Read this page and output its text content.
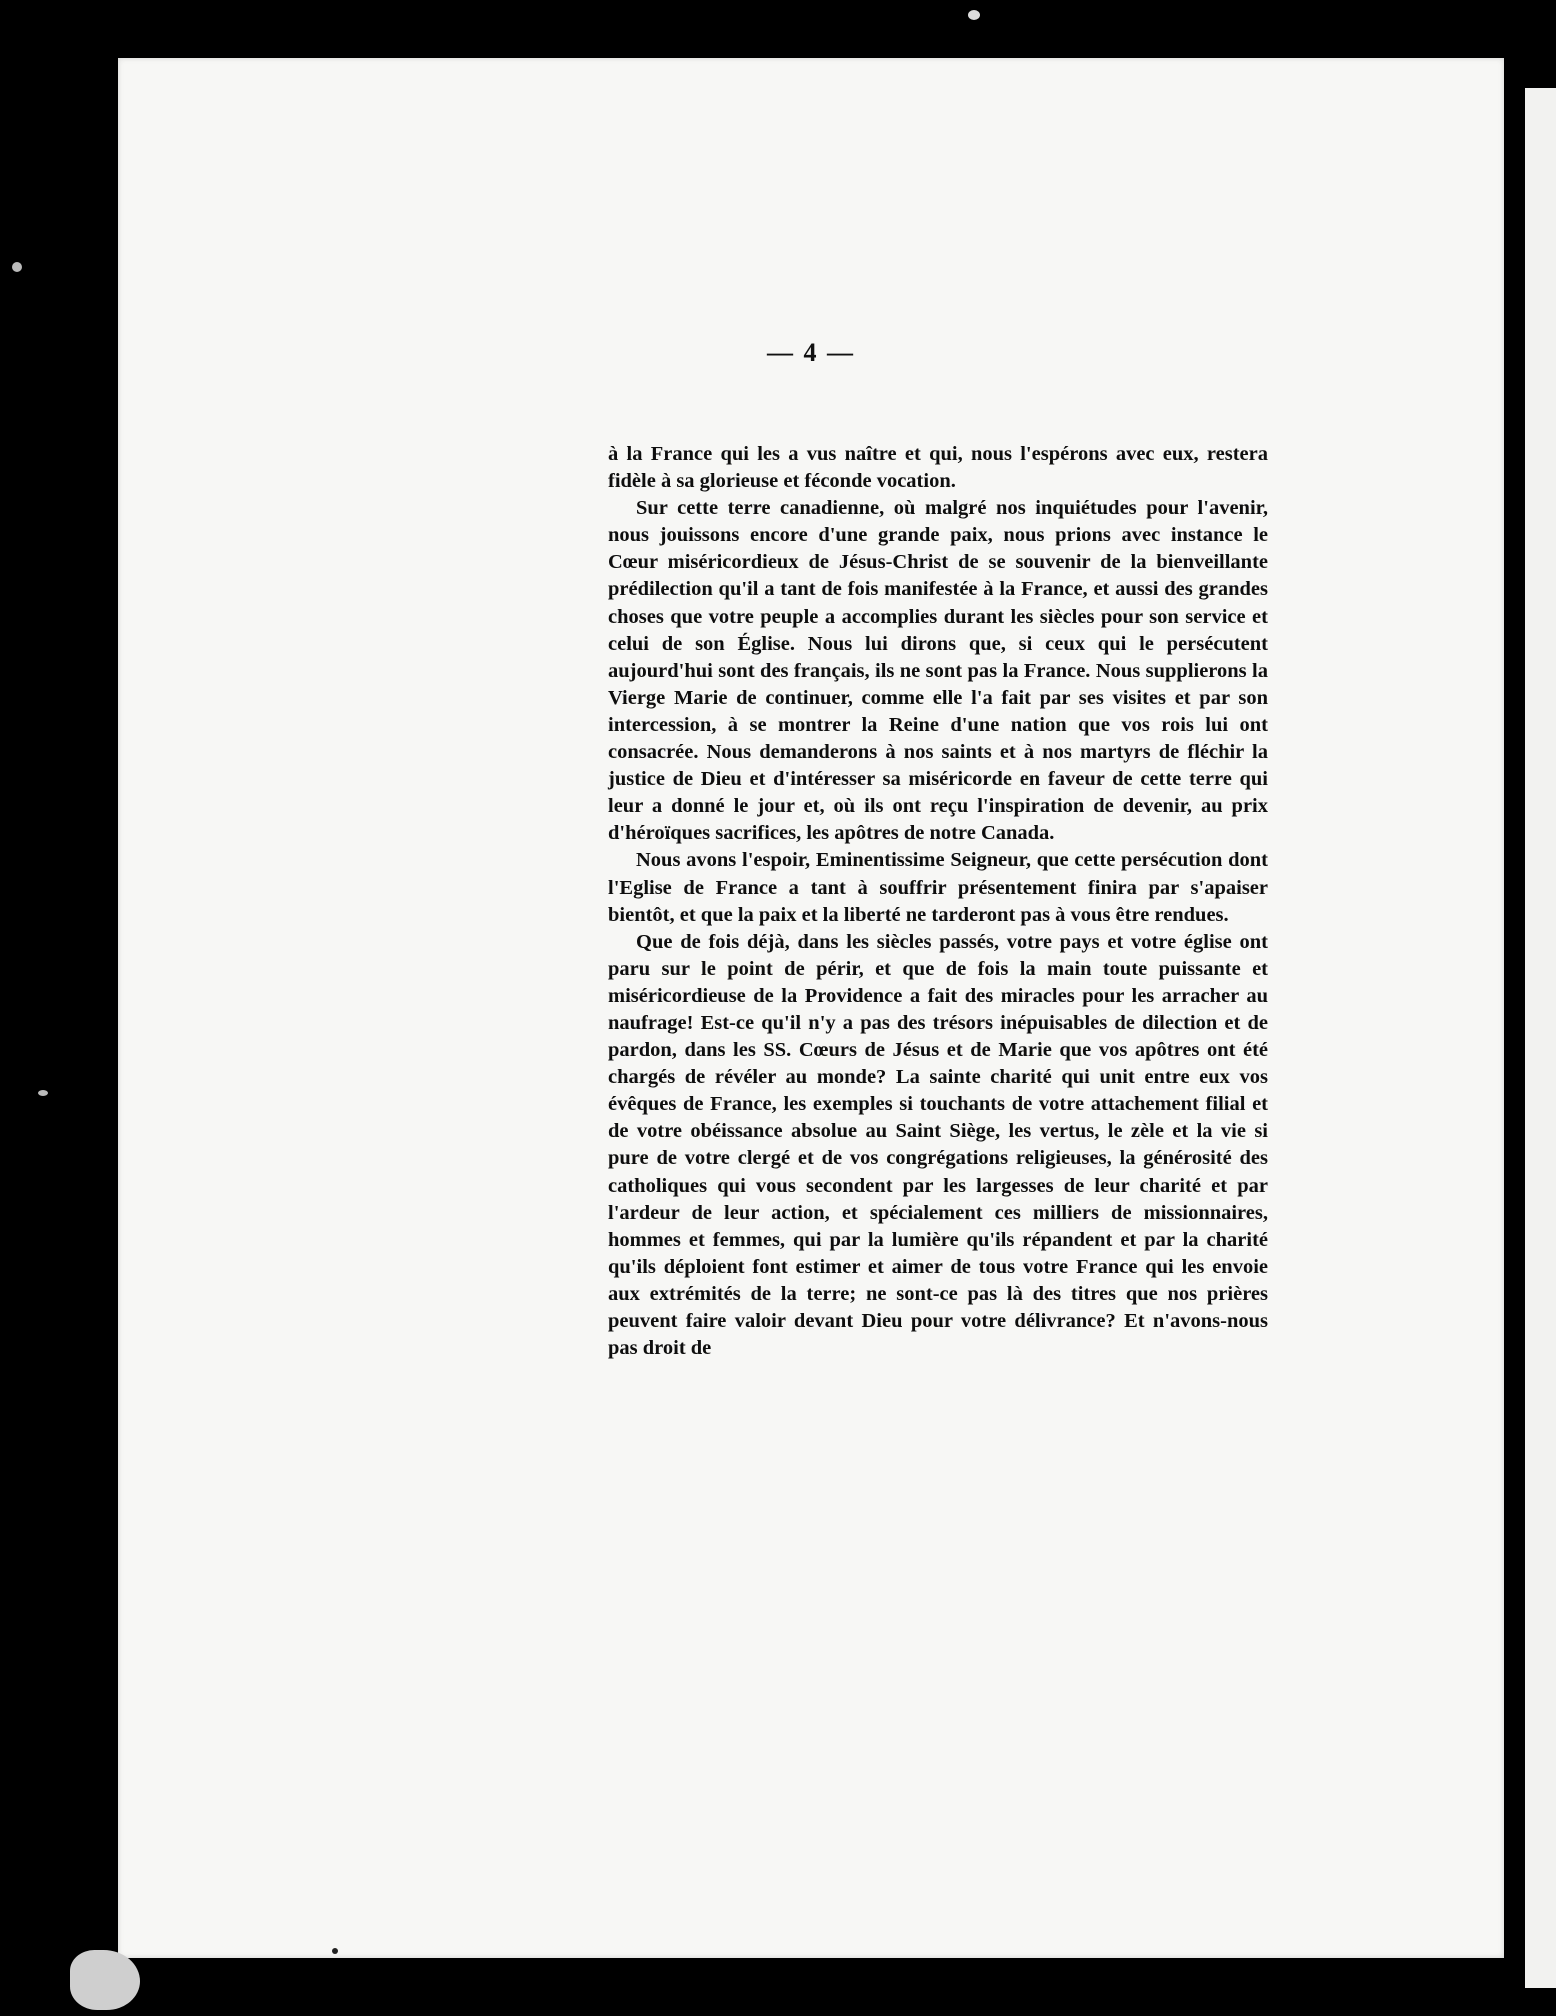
— 4 —

à la France qui les a vus naître et qui, nous l'espérons avec eux, restera fidèle à sa glorieuse et féconde vocation.

Sur cette terre canadienne, où malgré nos inquiétudes pour l'avenir, nous jouissons encore d'une grande paix, nous prions avec instance le Cœur miséricordieux de Jésus-Christ de se souvenir de la bienveillante prédilection qu'il a tant de fois manifestée à la France, et aussi des grandes choses que votre peuple a accomplies durant les siècles pour son service et celui de son Église. Nous lui dirons que, si ceux qui le persécutent aujourd'hui sont des français, ils ne sont pas la France. Nous supplierons la Vierge Marie de continuer, comme elle l'a fait par ses visites et par son intercession, à se montrer la Reine d'une nation que vos rois lui ont consacrée. Nous demanderons à nos saints et à nos martyrs de fléchir la justice de Dieu et d'intéresser sa miséricorde en faveur de cette terre qui leur a donné le jour et, où ils ont reçu l'inspiration de devenir, au prix d'héroïques sacrifices, les apôtres de notre Canada.

Nous avons l'espoir, Eminentissime Seigneur, que cette persécution dont l'Eglise de France a tant à souffrir présentement finira par s'apaiser bientôt, et que la paix et la liberté ne tarderont pas à vous être rendues.

Que de fois déjà, dans les siècles passés, votre pays et votre église ont paru sur le point de périr, et que de fois la main toute puissante et miséricordieuse de la Providence a fait des miracles pour les arracher au naufrage! Est-ce qu'il n'y a pas des trésors inépuisables de dilection et de pardon, dans les SS. Cœurs de Jésus et de Marie que vos apôtres ont été chargés de révéler au monde? La sainte charité qui unit entre eux vos évêques de France, les exemples si touchants de votre attachement filial et de votre obéissance absolue au Saint Siège, les vertus, le zèle et la vie si pure de votre clergé et de vos congrégations religieuses, la générosité des catholiques qui vous secondent par les largesses de leur charité et par l'ardeur de leur action, et spécialement ces milliers de missionnaires, hommes et femmes, qui par la lumière qu'ils répandent et par la charité qu'ils déploient font estimer et aimer de tous votre France qui les envoie aux extrémités de la terre; ne sont-ce pas là des titres que nos prières peuvent faire valoir devant Dieu pour votre délivrance? Et n'avons-nous pas droit de
